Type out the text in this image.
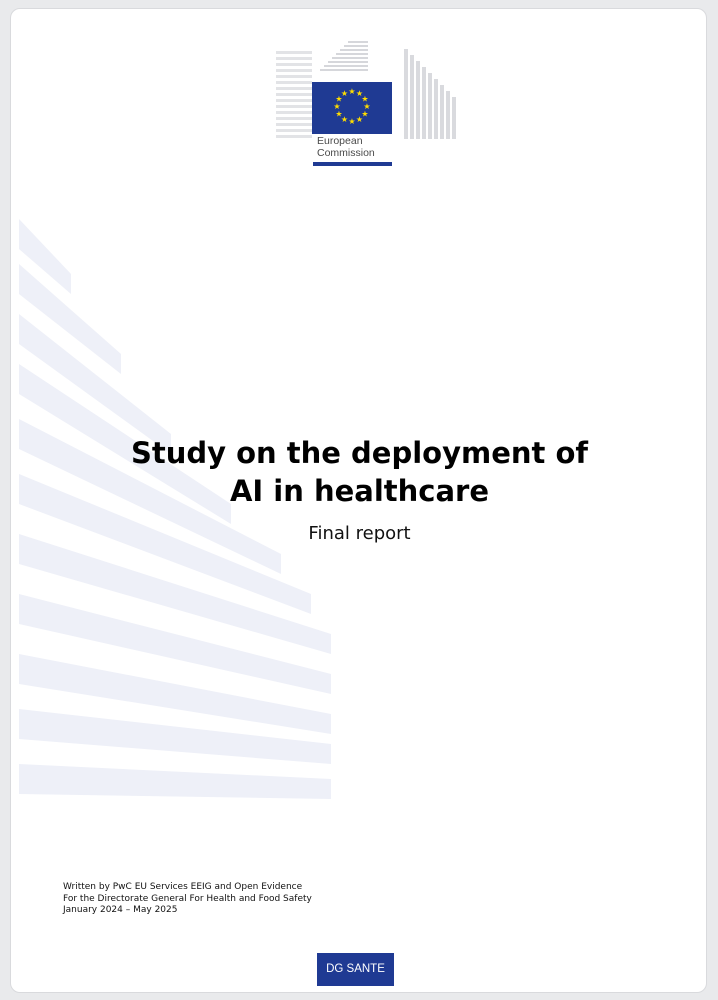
★ ★
★
★
★
★
★
★
★
★
★
★
European
Commission
Study on the deployment of
AI in healthcare
Final report
Written by PwC EU Services EEIG and Open Evidence
For the Directorate General For Health and Food Safety
January 2024 – May 2025
DG SANTE
